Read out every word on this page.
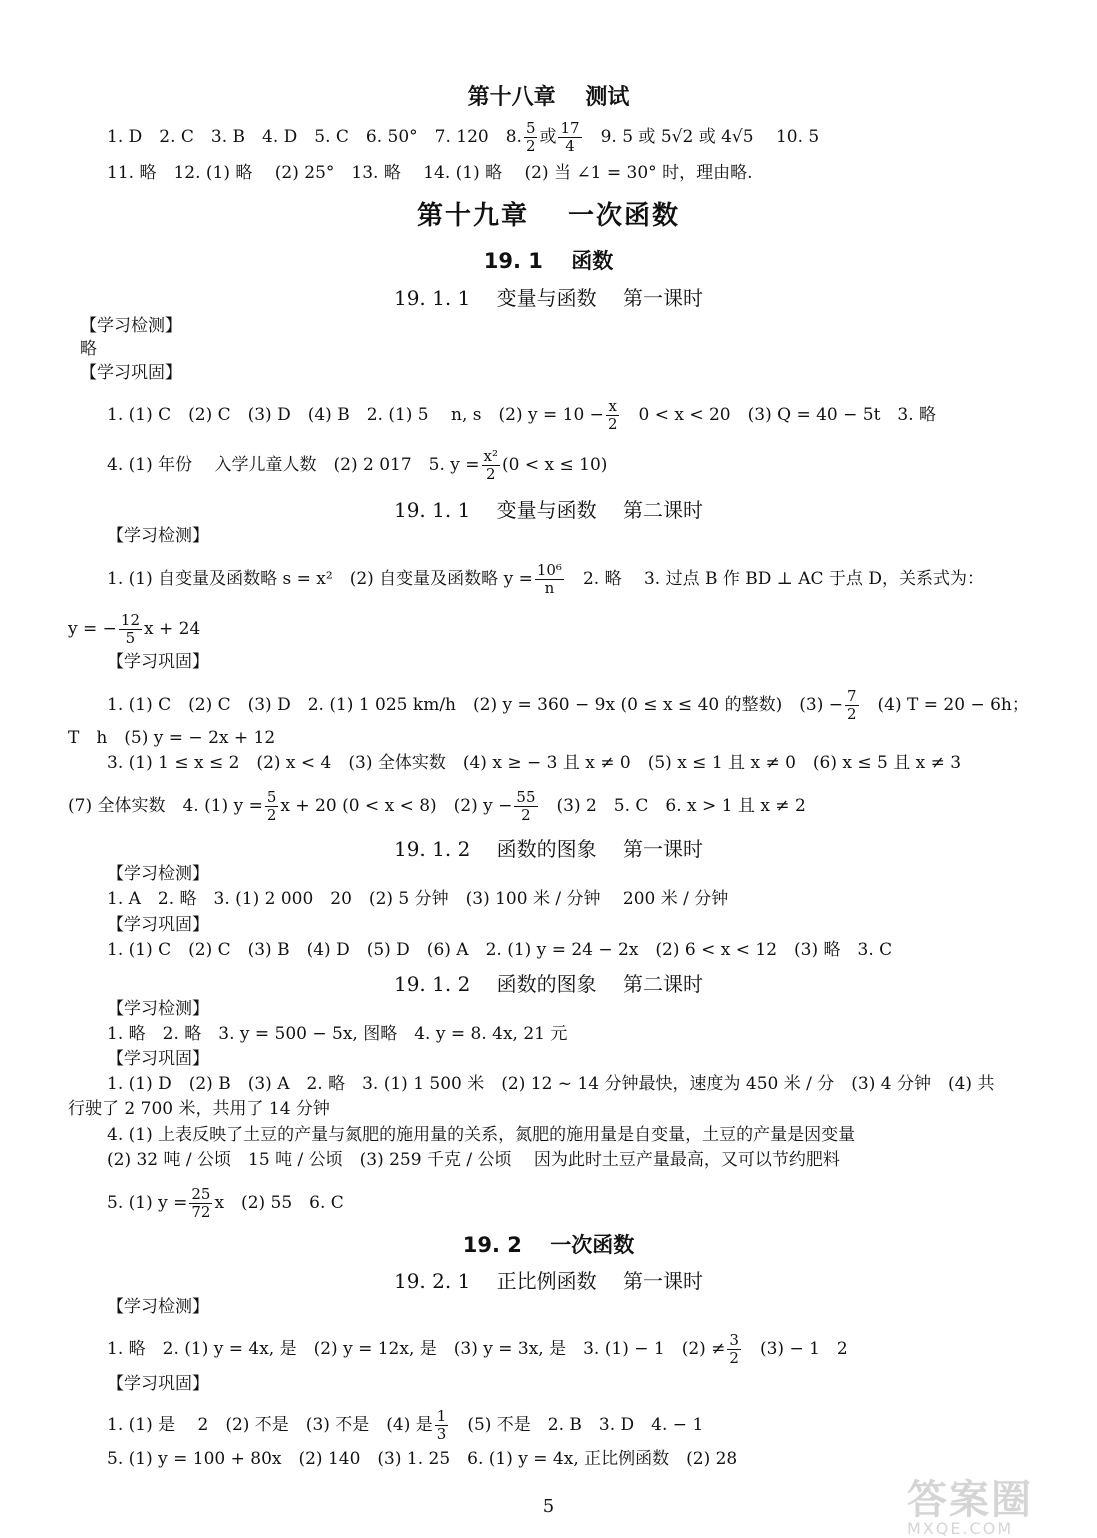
第十八章　 测试
1. D　2. C　3. B　4. D　5. C　6. 50°　7. 120　8. $\frac{5}{2}$ 或 $\frac{17}{4}$ 　9. 5 或 5√2 或 4√5　 10. 5
11. 略　12. (1) 略　 (2) 25°　13. 略　 14. (1) 略　 (2) 当 ∠1 = 30° 时，理由略.
第十九章　 一次函数
19. 1　 函数
19. 1. 1　 变量与函数　 第一课时
【学习检测】
略
【学习巩固】
1. (1) C　(2) C　(3) D　(4) B　2. (1) 5　 n, s　(2) $y = 10 - \frac{x}{2}$ 　0 < x < 20　(3) Q = 40 − 5t　3. 略
4. (1) 年份　 入学儿童人数　(2) 2 017　5. $y = \frac{\text{x²}}{2} (0 < x \le 10)$
19. 1. 1　 变量与函数　 第二课时
【学习检测】
1. (1) 自变量及函数略 s = x²　(2) 自变量及函数略 $y = \frac{\text{10⁶}}{n}$ 　2. 略　 3. 过点 B 作 BD ⊥ AC 于点 D，关系式为：
y = − $\frac{12}{5}$ x + 24
【学习巩固】
1. (1) C　(2) C　(3) D　2. (1) 1 025 km/h　(2) y = 360 − 9x (0 ≤ x ≤ 40 的整数)　$(3) - \frac{7}{2}$ 　(4) T = 20 − 6h；
T　h　(5) y = − 2x + 12
3. (1) 1 ≤ x ≤ 2　(2) x < 4　(3) 全体实数　(4) x ≥ − 3 且 x ≠ 0　(5) x ≤ 1 且 x ≠ 0　(6) x ≤ 5 且 x ≠ 3
(7) 全体实数　4. (1) $y = \frac{5}{2}$ x + 20 (0 < x < 8)　(2) $y - \frac{55}{2}$ 　(3) 2　5. C　6. x > 1 且 x ≠ 2
19. 1. 2　 函数的图象　 第一课时
【学习检测】
1. A　2. 略　3. (1) 2 000　20　(2) 5 分钟　(3) 100 米 / 分钟　 200 米 / 分钟
【学习巩固】
1. (1) C　(2) C　(3) B　(4) D　(5) D　(6) A　2. (1) y = 24 − 2x　(2) 6 < x < 12　(3) 略　3. C
19. 1. 2　 函数的图象　 第二课时
【学习检测】
1. 略　2. 略　3. y = 500 − 5x, 图略　4. y = 8. 4x, 21 元
【学习巩固】
1. (1) D　(2) B　(3) A　2. 略　3. (1) 1 500 米　(2) 12 ~ 14 分钟最快，速度为 450 米 / 分　(3) 4 分钟　(4) 共
行驶了 2 700 米，共用了 14 分钟
4. (1) 上表反映了土豆的产量与氮肥的施用量的关系，氮肥的施用量是自变量，土豆的产量是因变量
(2) 32 吨 / 公顷　15 吨 / 公顷　(3) 259 千克 / 公顷　 因为此时土豆产量最高，又可以节约肥料
5. (1) $y = \frac{25}{72}$ x　(2) 55　6. C
19. 2　 一次函数
19. 2. 1　 正比例函数　 第一课时
【学习检测】
1. 略　2. (1) y = 4x, 是　(2) y = 12x, 是　(3) y = 3x, 是　3. (1) − 1　$(2) \ne \frac{3}{2}$ 　(3) − 1　2
【学习巩固】
1. (1) 是　 2　(2) 不是　(3) 不是　(4) 是 $\frac{1}{3}$ 　(5) 不是　2. B　3. D　4. − 1
5. (1) y = 100 + 80x　(2) 140　(3) 1. 25　6. (1) y = 4x, 正比例函数　(2) 28
5	答案圈
MXQE.COM
